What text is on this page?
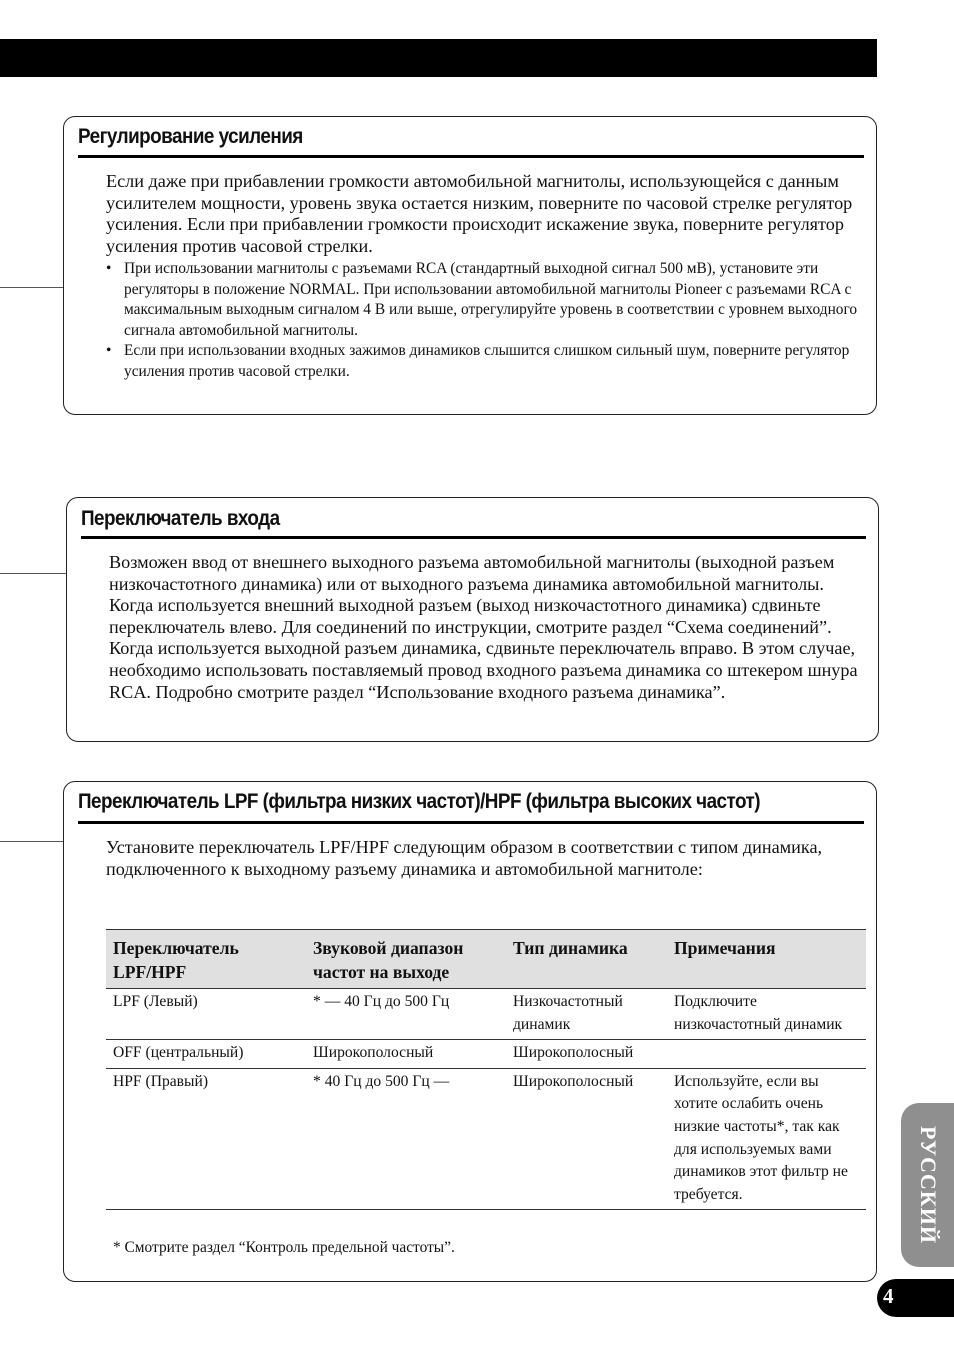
Регулирование усиления

Если даже при прибавлении громкости автомобильной магнитолы, использующейся с данным усилителем мощности, уровень звука остается низким, поверните по часовой стрелке регулятор усиления. Если при прибавлении громкости происходит искажение звука, поверните регулятор усиления против часовой стрелки.

• При использовании магнитолы с разъемами RCA (стандартный выходной сигнал 500 мВ), установите эти регуляторы в положение NORMAL. При использовании автомобильной магнитолы Pioneer с разъемами RCA с максимальным выходным сигналом 4 В или выше, отрегулируйте уровень в соответствии с уровнем выходного сигнала автомобильной магнитолы.
• Если при использовании входных зажимов динамиков слышится слишком сильный шум, поверните регулятор усиления против часовой стрелки.
Переключатель входа

Возможен ввод от внешнего выходного разъема автомобильной магнитолы (выходной разъем низкочастотного динамика) или от выходного разъема динамика автомобильной магнитолы. Когда используется внешний выходной разъем (выход низкочастотного динамика) сдвиньте переключатель влево. Для соединений по инструкции, смотрите раздел “Схема соединений”. Когда используется выходной разъем динамика, сдвиньте переключатель вправо. В этом случае, необходимо использовать поставляемый провод входного разъема динамика со штекером шнура RCA. Подробно смотрите раздел “Использование входного разъема динамика”.

Переключатель LPF (фильтра низких частот)/HPF (фильтра высоких частот)

Установите переключатель LPF/HPF следующим образом в соответствии с типом динамика, подключенного к выходному разъему динамика и автомобильной магнитоле:

Переключатель LPF/HPF	Звуковой диапазон частот на выходе	Тип динамика	Примечания
LPF (Левый)	* — 40 Гц до 500 Гц	Низкочастотный динамик	Подключите низкочастотный динамик
OFF (центральный)	Широкополосный	Широкополосный	
HPF (Правый)	* 40 Гц до 500 Гц —	Широкополосный	Используйте, если вы хотите ослабить очень низкие частоты*, так как для используемых вами динамиков этот фильтр не требуется.
* Смотрите раздел “Контроль предельной частоты”.
РУССКИЙ
4
